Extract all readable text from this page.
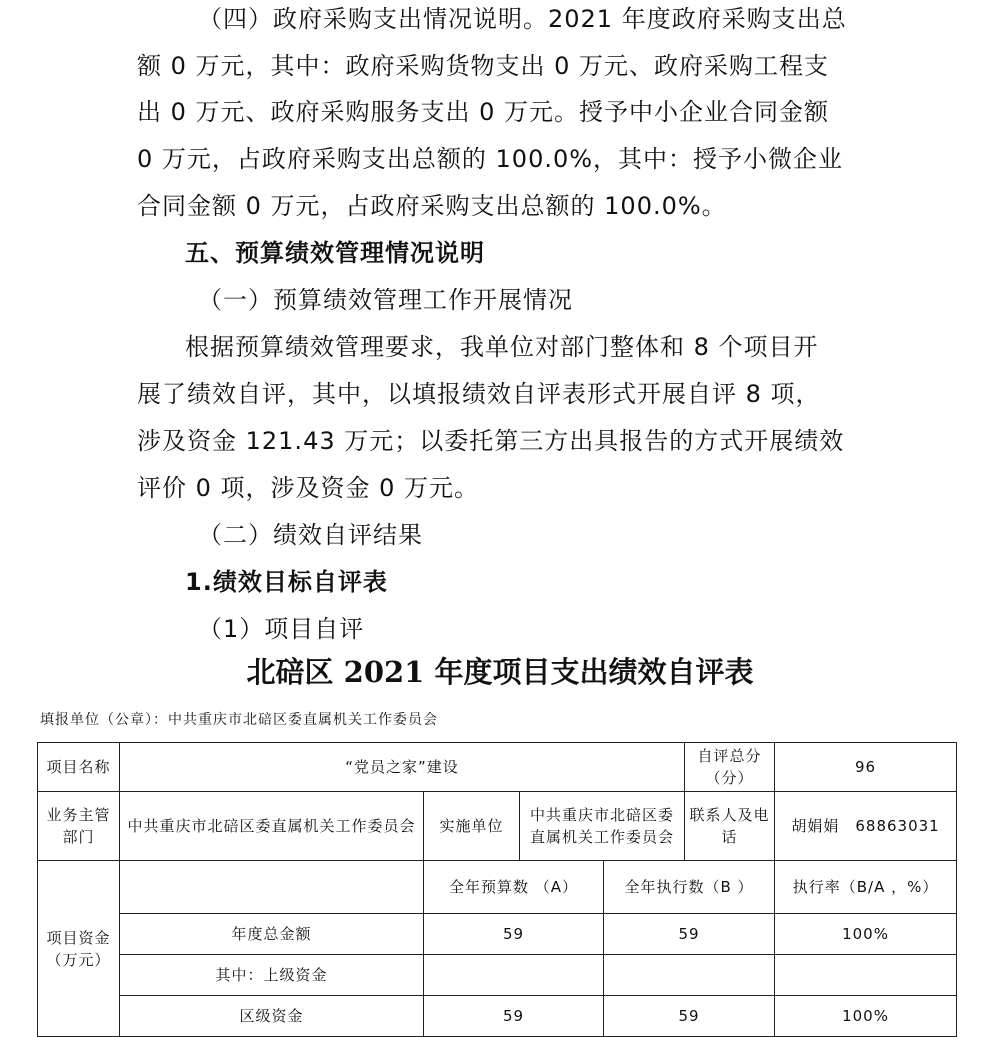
（四）政府采购支出情况说明。2021 年度政府采购支出总

额 0 万元，其中：政府采购货物支出 0 万元、政府采购工程支

出 0 万元、政府采购服务支出 0 万元。授予中小企业合同金额

0 万元，占政府采购支出总额的 100.0%，其中：授予小微企业

合同金额 0 万元，占政府采购支出总额的 100.0%。

五、预算绩效管理情况说明

（一）预算绩效管理工作开展情况

根据预算绩效管理要求，我单位对部门整体和 8 个项目开

展了绩效自评，其中，以填报绩效自评表形式开展自评 8 项，

涉及资金 121.43 万元；以委托第三方出具报告的方式开展绩效

评价 0 项，涉及资金 0 万元。

（二）绩效自评结果

1.绩效目标自评表

（1）项目自评

北碚区 2021 年度项目支出绩效自评表

填报单位（公章）：中共重庆市北碚区委直属机关工作委员会

项目名称	“党员之家”建设				自评总分（分）	96
业务主管部门	中共重庆市北碚区委直属机关工作委员会	实施单位	中共重庆市北碚区委直属机关工作委员会		联系人及电话	胡娟娟　68863031
项目资金（万元）		全年预算数 （A）		全年执行数（B ）		执行率（B/A ，%）
	年度总金额	59		59		100%
	其中：上级资金					
	区级资金	59		59		100%
